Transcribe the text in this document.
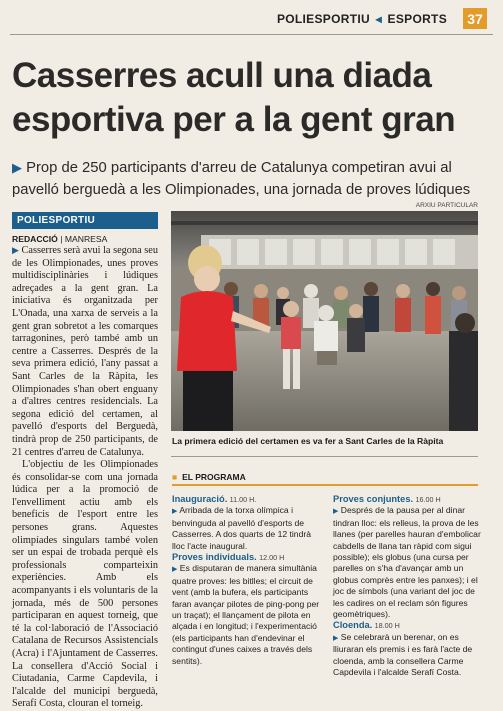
POLIESPORTIU ◂ ESPORTS	37
Casserres acull una diada esportiva per a la gent gran
▶ Prop de 250 participants d'arreu de Catalunya competiran avui al pavelló berguedà a les Olimpionades, una jornada de proves lúdiques
POLIESPORTIU
REDACCIÓ | MANRESA

▶ Casserres serà avui la segona seu de les Olimpionades, unes proves multidisciplinàries i lúdiques adreçades a la gent gran. La iniciativa és organitzada per L'Onada, una xarxa de serveis a la gent gran sobretot a les comarques tarragonines, però també amb un centre a Casserres. Després de la seva primera edició, l'any passat a Sant Carles de la Ràpita, les Olimpionades s'han obert enguany a d'altres centres residencials. La segona edició del certamen, al pavelló d'esports del Berguedà, tindrà prop de 250 participants, de 21 centres d'arreu de Catalunya.

L'objectiu de les Olimpionades és consolidar-se com una jornada lúdica per a la promoció de l'envelliment actiu amb els beneficis de l'esport entre les persones grans. Aquestes olimpíades singulars també volen ser un espai de trobada perquè els professionals comparteixin experiències. Amb els acompanyants i els voluntaris de la jornada, més de 500 persones participaran en aquest torneig, que té la col·laboració de l'Associació Catalana de Recursos Assistencials (Acra) i l'Ajuntament de Casserres. La consellera d'Acció Social i Ciutadania, Carme Capdevila, i l'alcalde del municipi berguedà, Serafí Costa, clouran el torneig.

ARXIU PARTICULAR
La primera edició del certamen es va fer a Sant Carles de la Ràpita
■ EL PROGRAMA

Inauguració. 11.00 H.
▶ Arribada de la torxa olímpica i benvinguda al pavelló d'esports de Casserres. A dos quarts de 12 tindrà lloc l'acte inaugural.

Proves individuals. 12.00 H
▶ Es disputaran de manera simultània quatre proves: les bitlles; el circuit de vent (amb la bufera, els participants faran avançar pilotes de ping-pong per un traçat); el llançament de pilota en alçada i en longitud; i l'experimentació (els participants han d'endevinar el contingut d'unes caixes a través dels sentits).

Proves conjuntes. 16.00 H
▶ Després de la pausa per al dinar tindran lloc: els relleus, la prova de les llanes (per parelles hauran d'embolicar cabdells de llana tan ràpid com sigui possible); els globus (una cursa per parelles on s'ha d'avançar amb un globus comprès entre les panxes); i el joc de símbols (una variant del joc de les cadires on el reclam són figures geomètriques).

Cloenda. 18.00 H
▶ Se celebrarà un berenar, on es lliuraran els premis i es farà l'acte de cloenda, amb la consellera Carme Capdevila i l'alcalde Serafí Costa.
